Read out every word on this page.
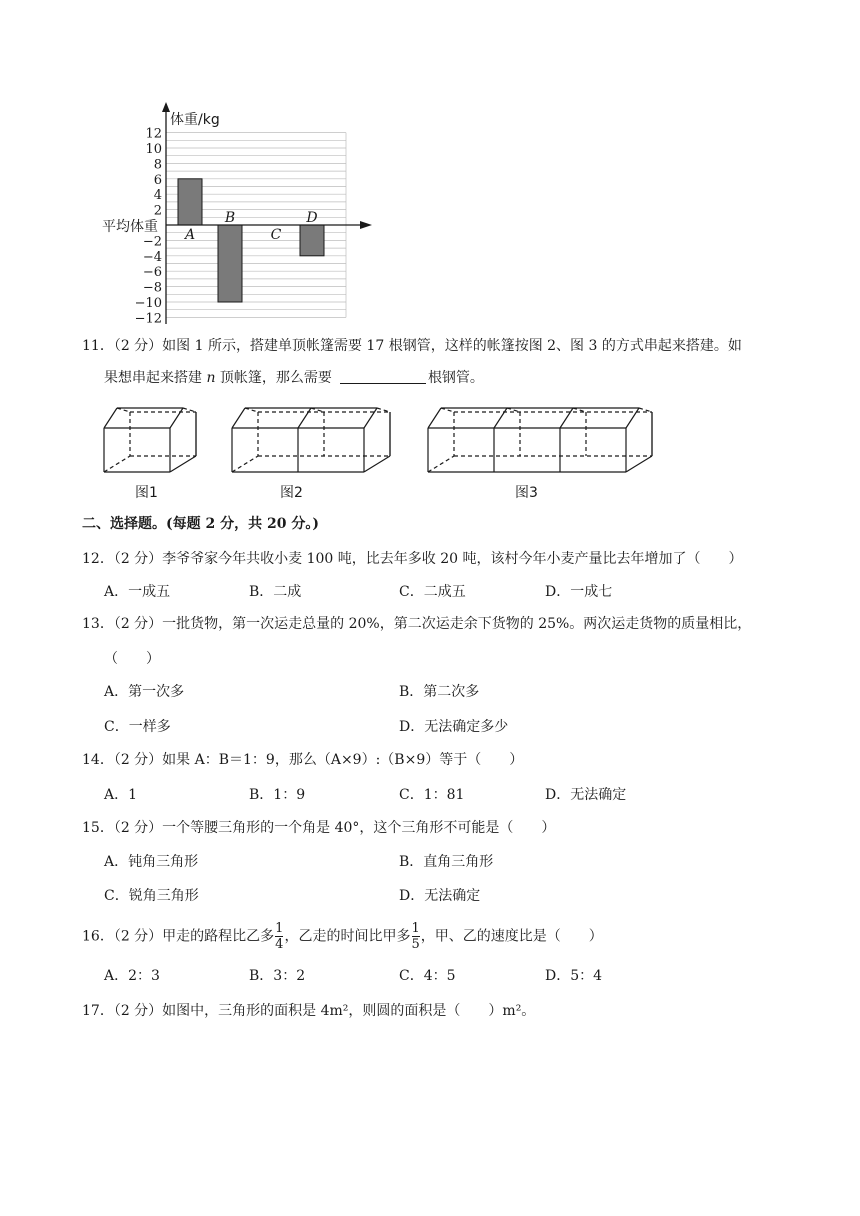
12
10
8
6
4
2
−2
−4
−6
−8
−10
−12
A
B
C
D
体重/kg
平均体重
11．（2 分）如图 1 所示，搭建单顶帐篷需要 17 根钢管，这样的帐篷按图 2、图 3 的方式串起来搭建。如
果想串起来搭建 n 顶帐篷，那么需要	根钢管。
图1	图2	图3
二、选择题。(每题 2 分，共 20 分。)
12．（2 分）李爷爷家今年共收小麦 100 吨，比去年多收 20 吨，该村今年小麦产量比去年增加了（　　）
A．一成五	B．二成	C．二成五	D．一成七
13．（2 分）一批货物，第一次运走总量的 20%，第二次运走余下货物的 25%。两次运走货物的质量相比，
（　　）
A．第一次多	B．第二次多
C．一样多	D．无法确定多少
14．（2 分）如果 A：B＝1：9，那么（A×9）:（B×9）等于（　　）
A．1	B．1：9	C．1：81	D．无法确定
15．（2 分）一个等腰三角形的一个角是 40°，这个三角形不可能是（　　）
A．钝角三角形	B．直角三角形
C．锐角三角形	D．无法确定
16．（2 分）甲走的路程比乙多 $\frac{1}{4}$ ，乙走的时间比甲多 $\frac{1}{5}$ ，甲、乙的速度比是（　　）
A．2：3	B．3：2	C．4：5	D．5：4
17．（2 分）如图中，三角形的面积是 4m²，则圆的面积是（　　）m²。
